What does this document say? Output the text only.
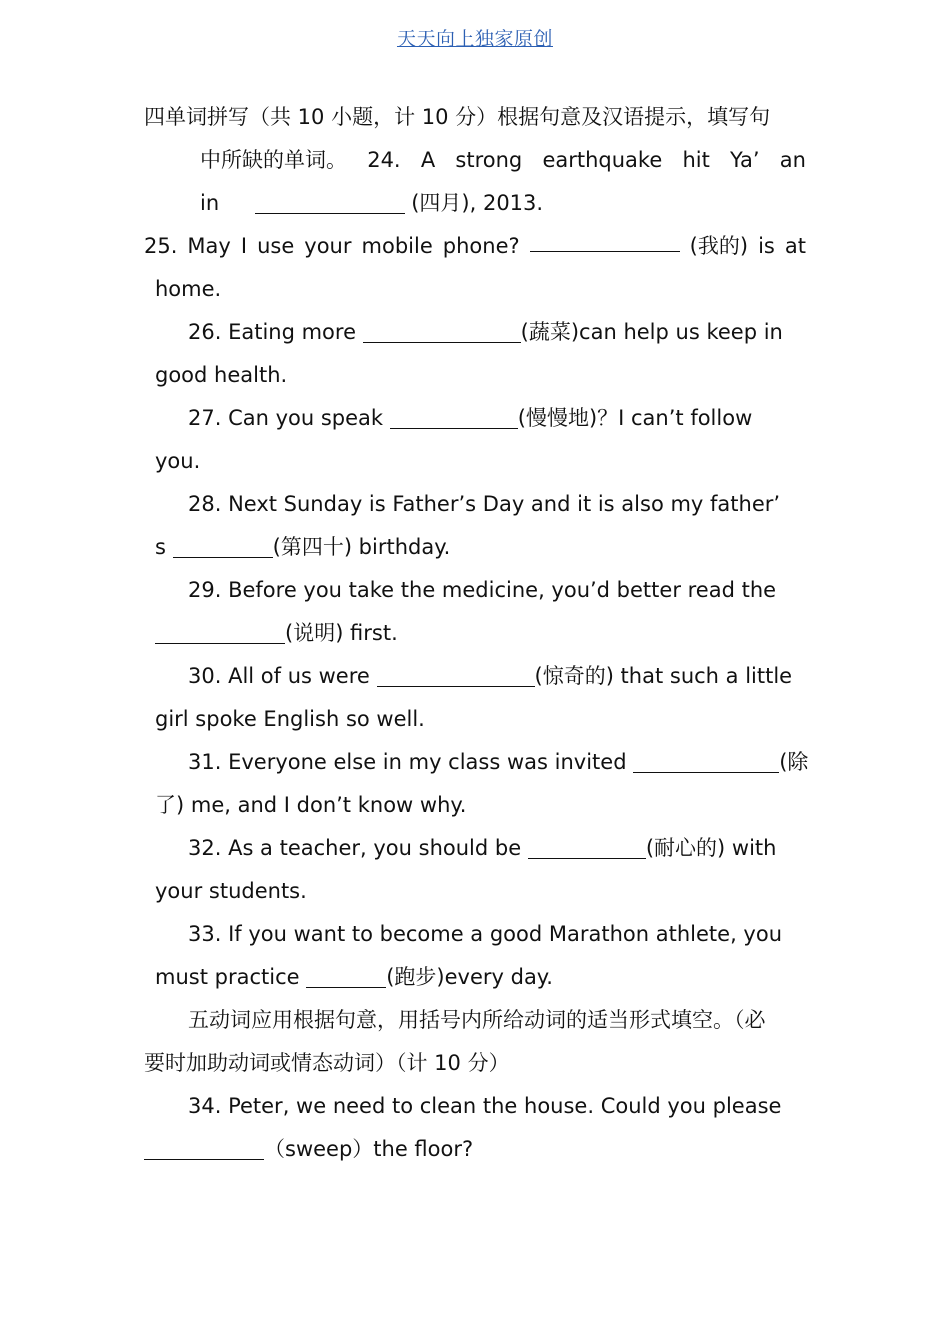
天天向上独家原创
四单词拼写（共 10 小题，计 10 分）根据句意及汉语提示，填写句
中所缺的单词。 24. A strong earthquake hit Ya’ an
in	(四月), 2013.
25. May I use your mobile phone?	(我的) is at
home.
26. Eating more	(蔬菜)can help us keep in
good health.
27. Can you speak	(慢慢地)？I can’t follow
you.
28. Next Sunday is Father’s Day and it is also my father’
s	(第四十) birthday.
29. Before you take the medicine, you’d better read the
(说明) first.
30. All of us were	(惊奇的) that such a little
girl spoke English so well.
31. Everyone else in my class was invited	(除
了) me, and I don’t know why.
32. As a teacher, you should be	(耐心的) with
your students.
33. If you want to become a good Marathon athlete, you
must practice	(跑步)every day.
五动词应用根据句意，用括号内所给动词的适当形式填空。（必
要时加助动词或情态动词）（计 10 分）
34. Peter, we need to clean the house. Could you please
（sweep）the floor?
